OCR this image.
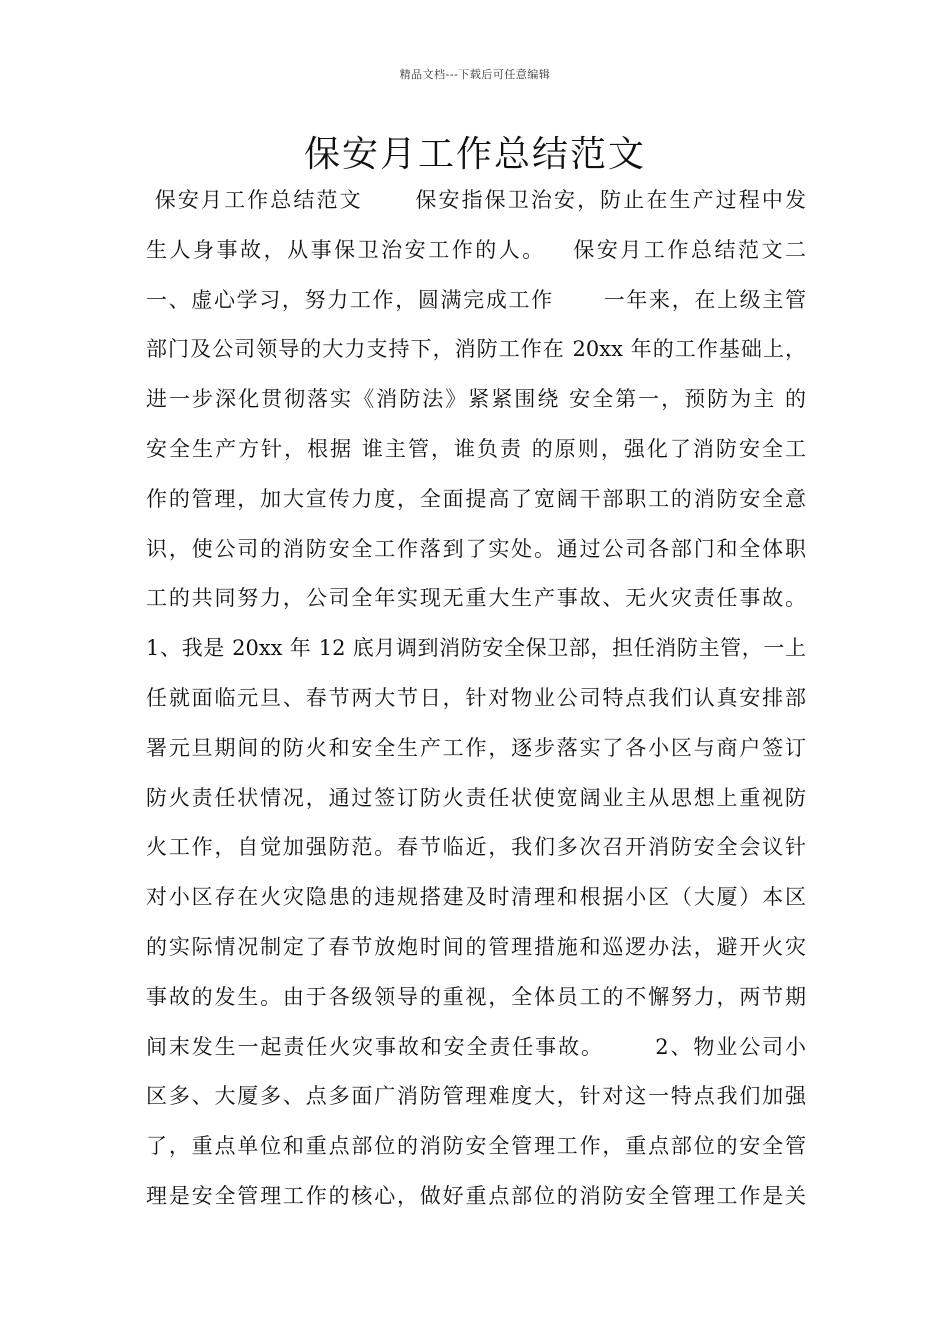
精品文档---下载后可任意编辑
保安月工作总结范文
保安月工作总结范文      保安指保卫治安，防止在生产过程中发
生人身事故，从事保卫治安工作的人。   保安月工作总结范文二
一、虚心学习，努力工作，圆满完成工作      一年来，在上级主管
部门及公司领导的大力支持下，消防工作在 20xx 年的工作基础上，
进一步深化贯彻落实《消防法》紧紧围绕 安全第一，预防为主 的
安全生产方针，根据 谁主管，谁负责 的原则，强化了消防安全工
作的管理，加大宣传力度，全面提高了宽阔干部职工的消防安全意
识，使公司的消防安全工作落到了实处。通过公司各部门和全体职
工的共同努力，公司全年实现无重大生产事故、无火灾责任事故。
1、我是 20xx 年 12 底月调到消防安全保卫部，担任消防主管，一上
任就面临元旦、春节两大节日，针对物业公司特点我们认真安排部
署元旦期间的防火和安全生产工作，逐步落实了各小区与商户签订
防火责任状情况，通过签订防火责任状使宽阔业主从思想上重视防
火工作，自觉加强防范。春节临近，我们多次召开消防安全会议针
对小区存在火灾隐患的违规搭建及时清理和根据小区（大厦）本区
的实际情况制定了春节放炮时间的管理措施和巡逻办法，避开火灾
事故的发生。由于各级领导的重视，全体员工的不懈努力，两节期
间末发生一起责任火灾事故和安全责任事故。      2、物业公司小
区多、大厦多、点多面广消防管理难度大，针对这一特点我们加强
了，重点单位和重点部位的消防安全管理工作，重点部位的安全管
理是安全管理工作的核心，做好重点部位的消防安全管理工作是关
